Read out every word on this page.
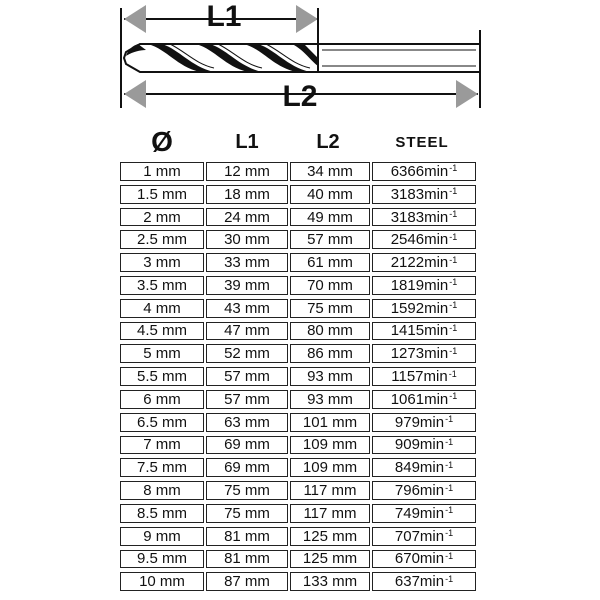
L1
L2
Ø	L1	L2	STEEL
1 mm	12 mm 34 mm	6366 $\min^{-1}$
1.5 mm 18 mm 40 mm	3183 $\min^{-1}$
2 mm	24 mm 49 mm	3183 $\min^{-1}$
2.5 mm 30 mm 57 mm	2546 $\min^{-1}$
3 mm	33 mm 61 mm	2122 $\min^{-1}$
3.5 mm 39 mm 70 mm	1819 $\min^{-1}$
4 mm	43 mm 75 mm	1592 $\min^{-1}$
4.5 mm 47 mm 80 mm	1415 $\min^{-1}$
5 mm	52 mm 86 mm	1273 $\min^{-1}$
5.5 mm 57 mm 93 mm	1157 $\min^{-1}$
6 mm	57 mm 93 mm	1061 $\min^{-1}$
6.5 mm 63 mm 101 mm	979 $\min^{-1}$
7 mm	69 mm 109 mm	909 $\min^{-1}$
7.5 mm 69 mm 109 mm	849 $\min^{-1}$
8 mm	75 mm 117 mm	796 $\min^{-1}$
8.5 mm 75 mm 117 mm	749 $\min^{-1}$
9 mm	81 mm 125 mm	707 $\min^{-1}$
9.5 mm 81 mm 125 mm	670 $\min^{-1}$
10 mm	87 mm 133 mm	637 $\min^{-1}$
